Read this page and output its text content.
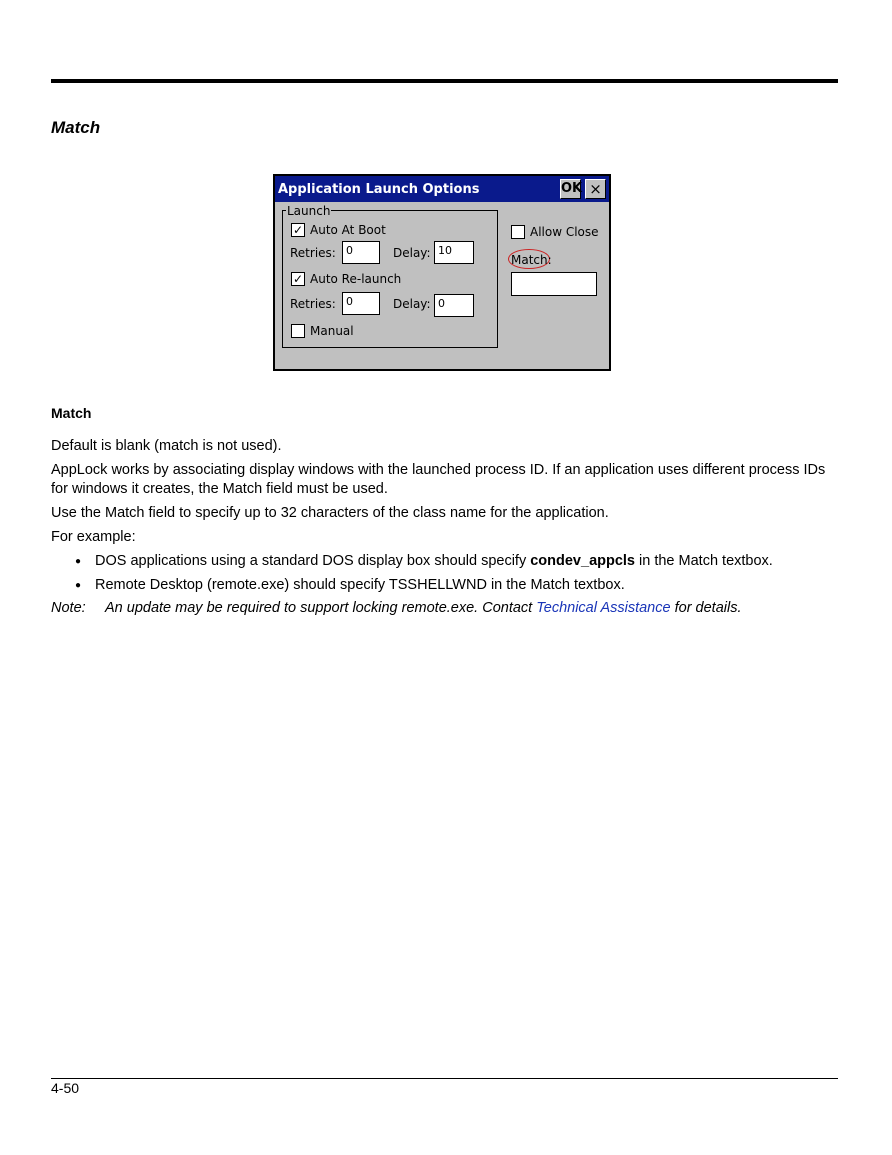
Match
Application Launch Options	OK ×
Launch
✓ Auto At Boot
Retries: 0	Delay: 10
✓ Auto Re-launch
Retries: 0	Delay: 0
Manual
Allow Close
Match:
Match
Default is blank (match is not used).
AppLock works by associating display windows with the launched process ID. If an application uses different process IDs for windows it creates, the Match field must be used.
Use the Match field to specify up to 32 characters of the class name for the application.
For example:
● DOS applications using a standard DOS display box should specify condev_appcls in the Match textbox.
● Remote Desktop (remote.exe) should specify TSSHELLWND in the Match textbox.
Note:	An update may be required to support locking remote.exe. Contact Technical Assistance for details.
4-50
